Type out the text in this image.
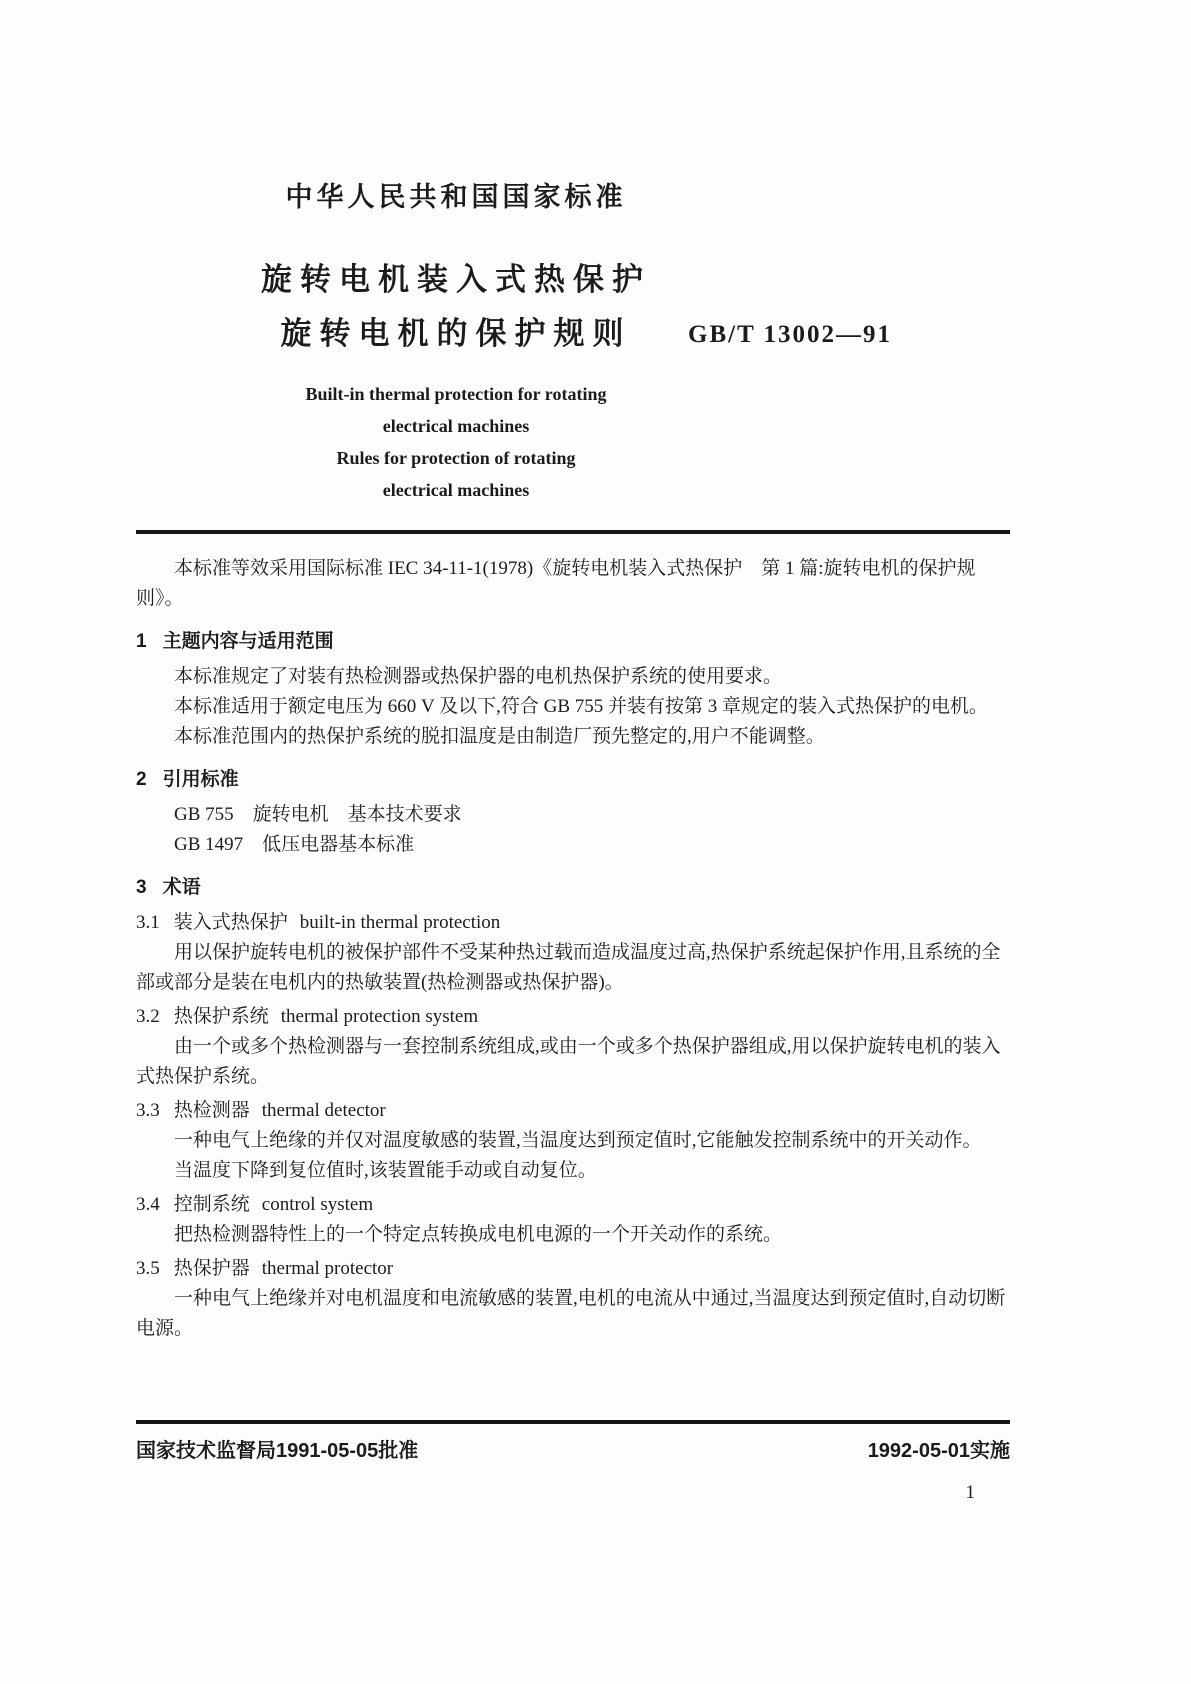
中华人民共和国国家标准
旋转电机装入式热保护
旋转电机的保护规则
Built-in thermal protection for rotating
electrical machines
Rules for protection of rotating
electrical machines
GB/T 13002—91

本标准等效采用国际标准 IEC 34-11-1(1978)《旋转电机装入式热保护　第 1 篇:旋转电机的保护规则》。

1 主题内容与适用范围

本标准规定了对装有热检测器或热保护器的电机热保护系统的使用要求。

本标准适用于额定电压为 660 V 及以下,符合 GB 755 并装有按第 3 章规定的装入式热保护的电机。

本标准范围内的热保护系统的脱扣温度是由制造厂预先整定的,用户不能调整。

2 引用标准

GB 755　旋转电机　基本技术要求

GB 1497　低压电器基本标准

3 术语
3.1 装入式热保护 built-in thermal protection

用以保护旋转电机的被保护部件不受某种热过载而造成温度过高,热保护系统起保护作用,且系统的全部或部分是装在电机内的热敏装置(热检测器或热保护器)。

3.2 热保护系统 thermal protection system

由一个或多个热检测器与一套控制系统组成,或由一个或多个热保护器组成,用以保护旋转电机的装入式热保护系统。

3.3 热检测器 thermal detector

一种电气上绝缘的并仅对温度敏感的装置,当温度达到预定值时,它能触发控制系统中的开关动作。

当温度下降到复位值时,该装置能手动或自动复位。

3.4 控制系统 control system

把热检测器特性上的一个特定点转换成电机电源的一个开关动作的系统。

3.5 热保护器 thermal protector

一种电气上绝缘并对电机温度和电流敏感的装置,电机的电流从中通过,当温度达到预定值时,自动切断电源。

国家技术监督局1991-05-05批准	1992-05-01实施
1
